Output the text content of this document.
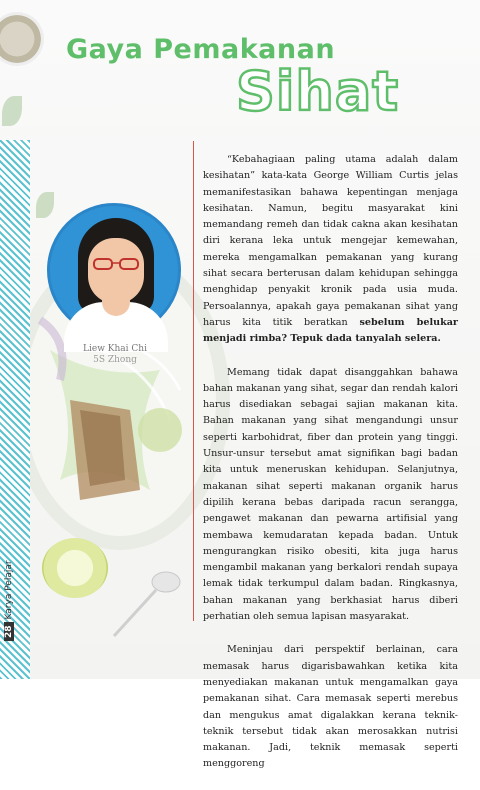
Gaya Pemakanan
Sihat
Liew Khai Chi
5S Zhong

“Kebahagiaan paling utama adalah dalam kesihatan” kata-kata George William Curtis jelas memanifestasikan bahawa kepentingan menjaga kesihatan. Namun, begitu masyarakat kini memandang remeh dan tidak cakna akan kesihatan diri kerana leka untuk mengejar kemewahan, mereka mengamalkan pemakanan yang kurang sihat secara berterusan dalam kehidupan sehingga menghidap penyakit kronik pada usia muda. Persoalannya, apakah gaya pemakanan sihat yang harus kita titik beratkan sebelum belukar menjadi rimba? Tepuk dada tanyalah selera.

Memang tidak dapat disanggahkan bahawa bahan makanan yang sihat, segar dan rendah kalori harus disediakan sebagai sajian makanan kita. Bahan makanan yang sihat mengandungi unsur seperti karbohidrat, fiber dan protein yang tinggi. Unsur-unsur tersebut amat signifikan bagi badan kita untuk meneruskan kehidupan. Selanjutnya, makanan sihat seperti makanan organik harus dipilih kerana bebas daripada racun serangga, pengawet makanan dan pewarna artifisial yang membawa kemudaratan kepada badan. Untuk mengurangkan risiko obesiti, kita juga harus mengambil makanan yang berkalori rendah supaya lemak tidak terkumpul dalam badan. Ringkasnya, bahan makanan yang berkhasiat harus diberi perhatian oleh semua lapisan masyarakat.

Meninjau dari perspektif berlainan, cara memasak harus digarisbawahkan ketika kita menyediakan makanan untuk mengamalkan gaya pemakanan sihat. Cara memasak seperti merebus dan mengukus amat digalakkan kerana teknik-teknik tersebut tidak akan merosakkan nutrisi makanan. Jadi, teknik memasak seperti menggoreng

28Karya Pelajar
